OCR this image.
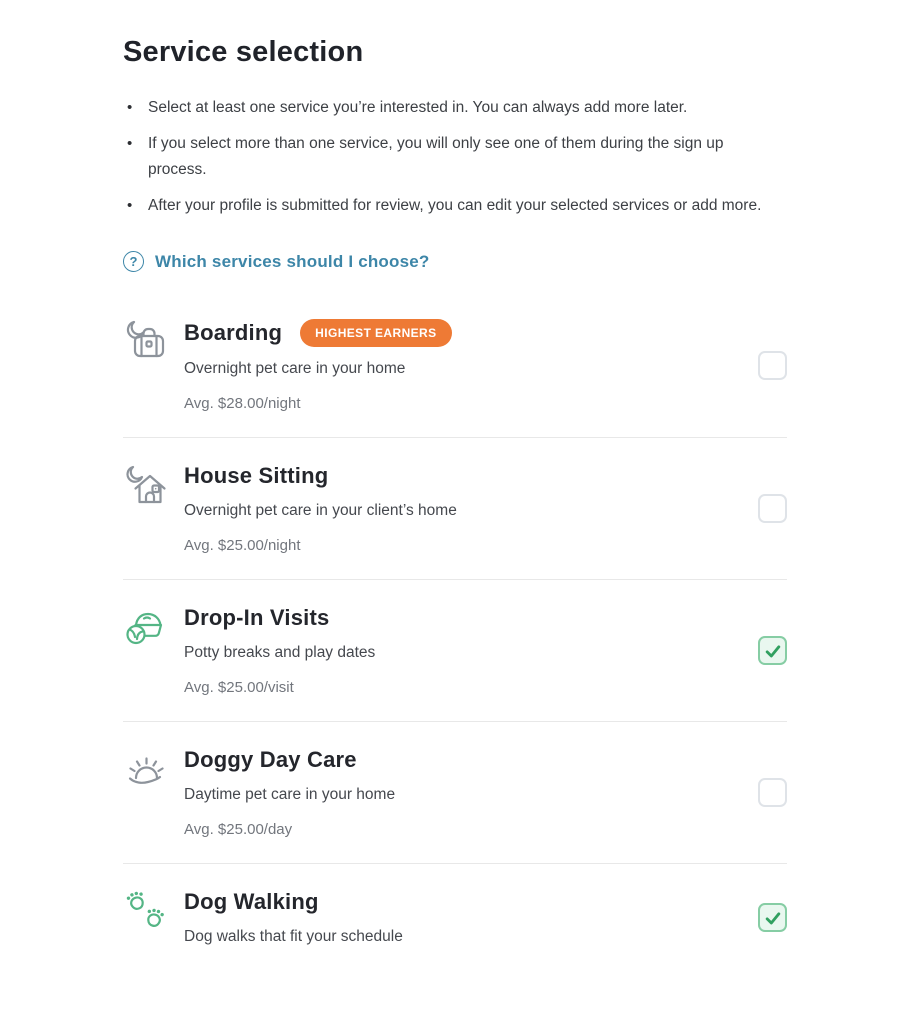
Service selection
• Select at least one service you’re interested in. You can always add more later.
• If you select more than one service, you will only see one of them during the sign up process.
• After your profile is submitted for review, you can edit your selected services or add more.
?	Which services should I choose?
Boarding	HIGHEST EARNERS
Overnight pet care in your home
Avg. $28.00/night
House Sitting
Overnight pet care in your client’s home
Avg. $25.00/night
Drop-In Visits
Potty breaks and play dates
Avg. $25.00/visit
Doggy Day Care
Daytime pet care in your home
Avg. $25.00/day
Dog Walking
Dog walks that fit your schedule
